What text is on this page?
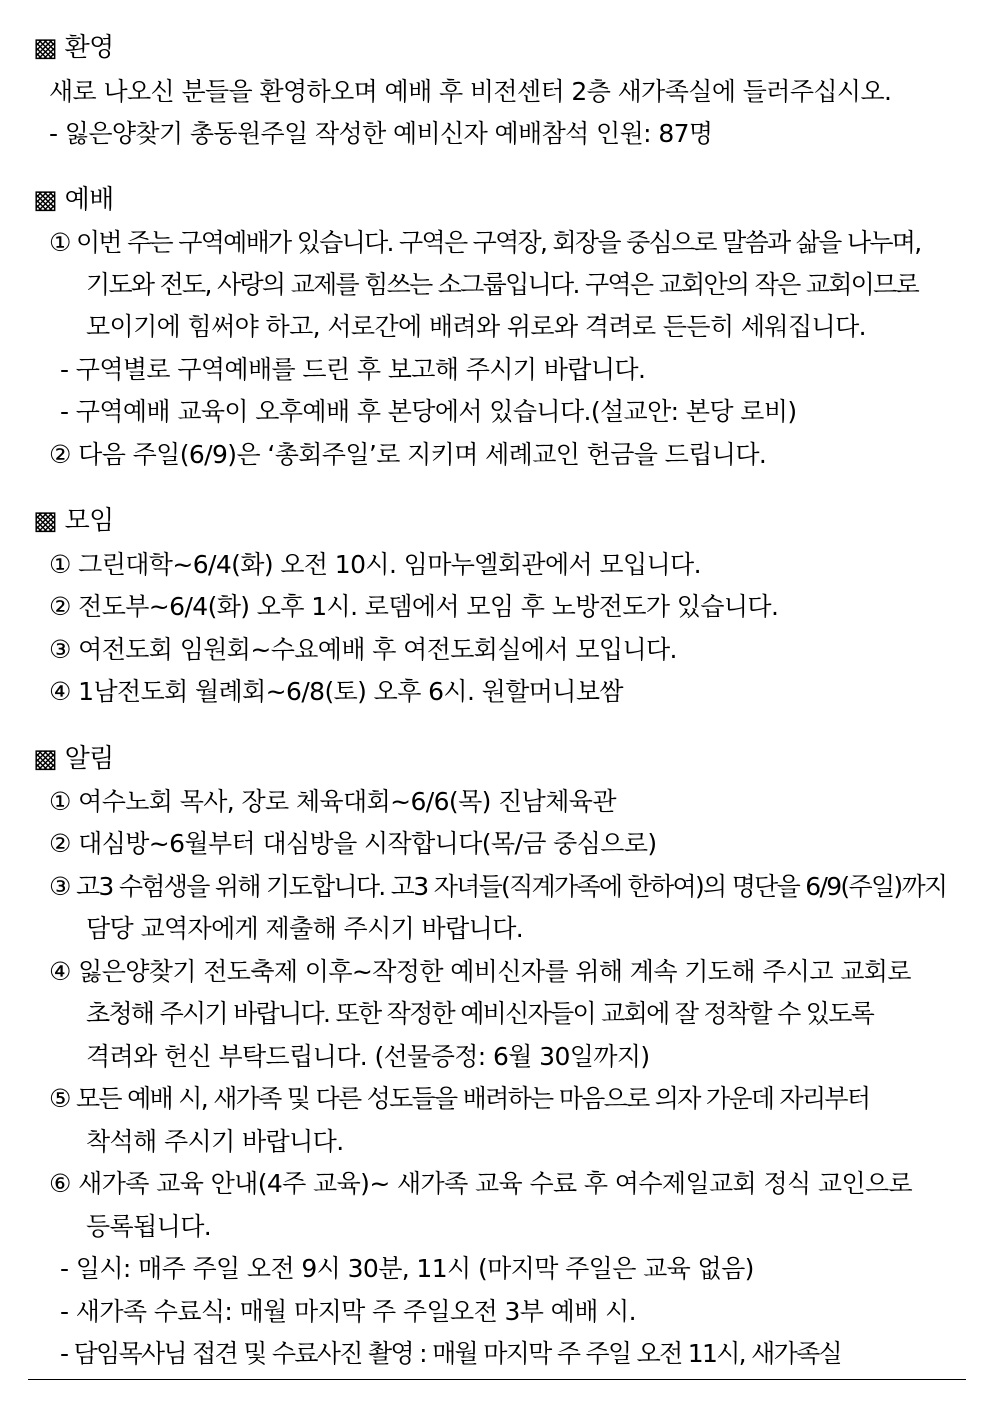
▩ 환영
새로 나오신 분들을 환영하오며 예배 후 비전센터 2층 새가족실에 들러주십시오.
- 잃은양찾기 총동원주일 작성한 예비신자 예배참석 인원: 87명
▩ 예배
① 이번 주는 구역예배가 있습니다. 구역은 구역장, 회장을 중심으로 말씀과 삶을 나누며,
기도와 전도, 사랑의 교제를 힘쓰는 소그룹입니다. 구역은 교회안의 작은 교회이므로
모이기에 힘써야 하고, 서로간에 배려와 위로와 격려로 든든히 세워집니다.
- 구역별로 구역예배를 드린 후 보고해 주시기 바랍니다.
- 구역예배 교육이 오후예배 후 본당에서 있습니다.(설교안: 본당 로비)
② 다음 주일(6/9)은 ‘총회주일’로 지키며 세례교인 헌금을 드립니다.
▩ 모임
① 그린대학~6/4(화) 오전 10시. 임마누엘회관에서 모입니다.
② 전도부~6/4(화) 오후 1시. 로뎀에서 모임 후 노방전도가 있습니다.
③ 여전도회 임원회~수요예배 후 여전도회실에서 모입니다.
④ 1남전도회 월례회~6/8(토) 오후 6시. 원할머니보쌈
▩ 알림
① 여수노회 목사, 장로 체육대회~6/6(목) 진남체육관
② 대심방~6월부터 대심방을 시작합니다(목/금 중심으로)
③ 고3 수험생을 위해 기도합니다. 고3 자녀들(직계가족에 한하여)의 명단을 6/9(주일)까지
담당 교역자에게 제출해 주시기 바랍니다.
④ 잃은양찾기 전도축제 이후~작정한 예비신자를 위해 계속 기도해 주시고 교회로
초청해 주시기 바랍니다. 또한 작정한 예비신자들이 교회에 잘 정착할 수 있도록
격려와 헌신 부탁드립니다. (선물증정: 6월 30일까지)
⑤ 모든 예배 시, 새가족 및 다른 성도들을 배려하는 마음으로 의자 가운데 자리부터
착석해 주시기 바랍니다.
⑥ 새가족 교육 안내(4주 교육)~ 새가족 교육 수료 후 여수제일교회 정식 교인으로
등록됩니다.
- 일시: 매주 주일 오전 9시 30분, 11시 (마지막 주일은 교육 없음)
- 새가족 수료식: 매월 마지막 주 주일오전 3부 예배 시.
- 담임목사님 접견 및 수료사진 촬영 : 매월 마지막 주 주일 오전 11시, 새가족실
